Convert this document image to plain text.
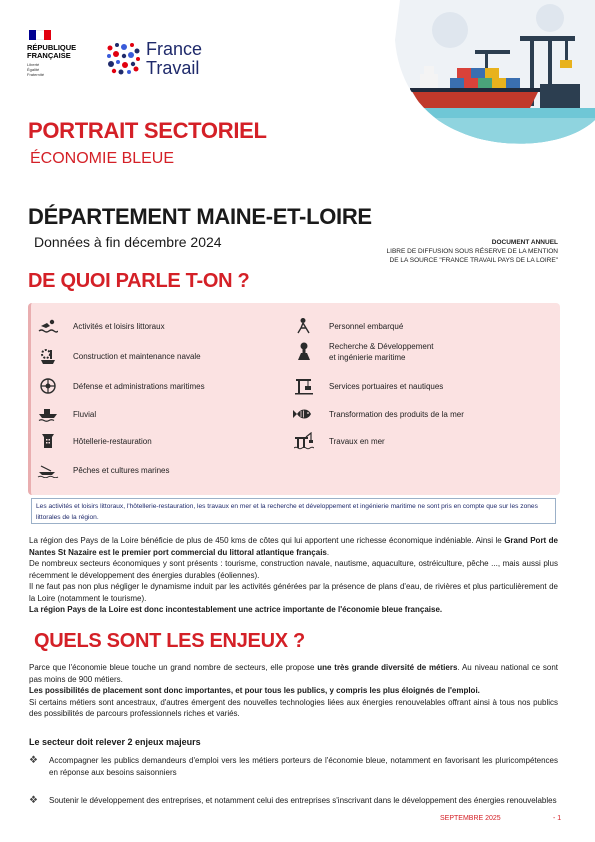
RÉPUBLIQUE
FRANÇAISE
Liberté
Égalité
Fraternité
France
Travail
PORTRAIT SECTORIEL
ÉCONOMIE BLEUE
DÉPARTEMENT MAINE-ET-LOIRE
Données à fin décembre 2024	DOCUMENT ANNUEL
LIBRE DE DIFFUSION SOUS RÉSERVE DE LA MENTION
DE LA SOURCE "FRANCE TRAVAIL PAYS DE LA LOIRE"
DE QUOI PARLE T-ON ?
Activités et loisirs littoraux
Construction et maintenance navale
Défense et administrations maritimes
Fluvial
Hôtellerie-restauration
Pêches et cultures marines
Personnel embarqué
Recherche & Développement
et ingénierie maritime
Services portuaires et nautiques
Transformation des produits de la mer
Travaux en mer
Les activités et loisirs littoraux, l'hôtellerie-restauration, les travaux en mer et la recherche et développement et ingénierie maritime ne sont pris en compte que sur les zones littorales de la région.
La région des Pays de la Loire bénéficie de plus de 450 kms de côtes qui lui apportent une richesse économique indéniable. Ainsi le Grand Port de Nantes St Nazaire est le premier port commercial du littoral atlantique français.
De nombreux secteurs économiques y sont présents : tourisme, construction navale, nautisme, aquaculture, ostréiculture, pêche ..., mais aussi plus récemment le développement des énergies durables (éoliennes).
Il ne faut pas non plus négliger le dynamisme induit par les activités générées par la présence de plans d'eau, de rivières et plus particulièrement de la Loire (notamment le tourisme).
La région Pays de la Loire est donc incontestablement une actrice importante de l'économie bleue française.
QUELS SONT LES ENJEUX ?
Parce que l'économie bleue touche un grand nombre de secteurs, elle propose une très grande diversité de métiers. Au niveau national ce sont pas moins de 900 métiers.
Les possibilités de placement sont donc importantes, et pour tous les publics, y compris les plus éloignés de l'emploi.
Si certains métiers sont ancestraux, d'autres émergent des nouvelles technologies liées aux énergies renouvelables offrant ainsi à tous nos publics des possibilités de parcours professionnels riches et variés.
Le secteur doit relever 2 enjeux majeurs
❖	Accompagner les publics demandeurs d'emploi vers les métiers porteurs de l'économie bleue, notamment en favorisant les pluricompétences en réponse aux besoins saisonniers
❖	Soutenir le développement des entreprises, et notamment celui des entreprises s'inscrivant dans le développement des énergies renouvelables
SEPTEMBRE 2025	- 1
